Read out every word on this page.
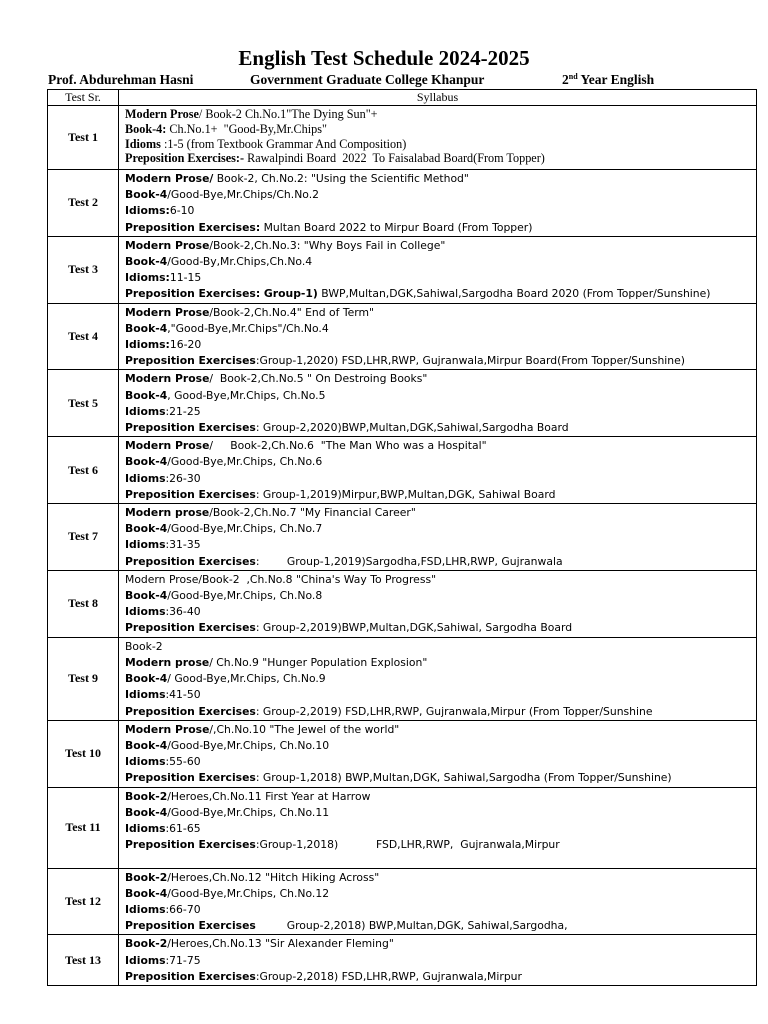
English Test Schedule 2024-2025
Prof. Abdurehman Hasni	Government Graduate College Khanpur	2nd Year English
Test Sr.	Syllabus
Test 1	Modern Prose/ Book-2 Ch.No.1"The Dying Sun"+
Book-4: Ch.No.1+  "Good-By,Mr.Chips"
Idioms :1-5 (from Textbook Grammar And Composition)
Preposition Exercises:- Rawalpindi Board  2022  To Faisalabad Board(From Topper)

Test 2	Modern Prose/ Book-2, Ch.No.2: "Using the Scientific Method"
Book-4/Good-Bye,Mr.Chips/Ch.No.2
Idioms:6-10
Preposition Exercises: Multan Board 2022 to Mirpur Board (From Topper)

Test 3	Modern Prose/Book-2,Ch.No.3: "Why Boys Fail in College"
Book-4/Good-By,Mr.Chips,Ch.No.4
Idioms:11-15
Preposition Exercises: Group-1) BWP,Multan,DGK,Sahiwal,Sargodha Board 2020 (From Topper/Sunshine)

Test 4	Modern Prose/Book-2,Ch.No.4" End of Term"
Book-4,"Good-Bye,Mr.Chips"/Ch.No.4
Idioms:16-20
Preposition Exercises:Group-1,2020) FSD,LHR,RWP, Gujranwala,Mirpur Board(From Topper/Sunshine)

Test 5	Modern Prose/  Book-2,Ch.No.5 " On Destroing Books"
Book-4, Good-Bye,Mr.Chips, Ch.No.5
Idioms:21-25
Preposition Exercises: Group-2,2020)BWP,Multan,DGK,Sahiwal,Sargodha Board

Test 6	Modern Prose/     Book-2,Ch.No.6  "The Man Who was a Hospital"
Book-4/Good-Bye,Mr.Chips, Ch.No.6
Idioms:26-30
Preposition Exercises: Group-1,2019)Mirpur,BWP,Multan,DGK, Sahiwal Board

Test 7	Modern prose/Book-2,Ch.No.7 "My Financial Career"
Book-4/Good-Bye,Mr.Chips, Ch.No.7
Idioms:31-35
Preposition Exercises:        Group-1,2019)Sargodha,FSD,LHR,RWP, Gujranwala

Test 8	Modern Prose/Book-2  ,Ch.No.8 "China's Way To Progress"
Book-4/Good-Bye,Mr.Chips, Ch.No.8
Idioms:36-40
Preposition Exercises: Group-2,2019)BWP,Multan,DGK,Sahiwal, Sargodha Board

Test 9	Book-2
Modern prose/ Ch.No.9 "Hunger Population Explosion"
Book-4/ Good-Bye,Mr.Chips, Ch.No.9
Idioms:41-50
Preposition Exercises: Group-2,2019) FSD,LHR,RWP, Gujranwala,Mirpur (From Topper/Sunshine

Test 10	Modern Prose/,Ch.No.10 "The Jewel of the world"
Book-4/Good-Bye,Mr.Chips, Ch.No.10
Idioms:55-60
Preposition Exercises: Group-1,2018) BWP,Multan,DGK, Sahiwal,Sargodha (From Topper/Sunshine)

Test 11	Book-2/Heroes,Ch.No.11 First Year at Harrow
Book-4/Good-Bye,Mr.Chips, Ch.No.11
Idioms:61-65
Preposition Exercises:Group-1,2018)           FSD,LHR,RWP,  Gujranwala,Mirpur

Test 12	Book-2/Heroes,Ch.No.12 "Hitch Hiking Across"
Book-4/Good-Bye,Mr.Chips, Ch.No.12
Idioms:66-70
Preposition Exercises         Group-2,2018) BWP,Multan,DGK, Sahiwal,Sargodha,

Test 13	Book-2/Heroes,Ch.No.13 "Sir Alexander Fleming"
Idioms:71-75
Preposition Exercises:Group-2,2018) FSD,LHR,RWP, Gujranwala,Mirpur
